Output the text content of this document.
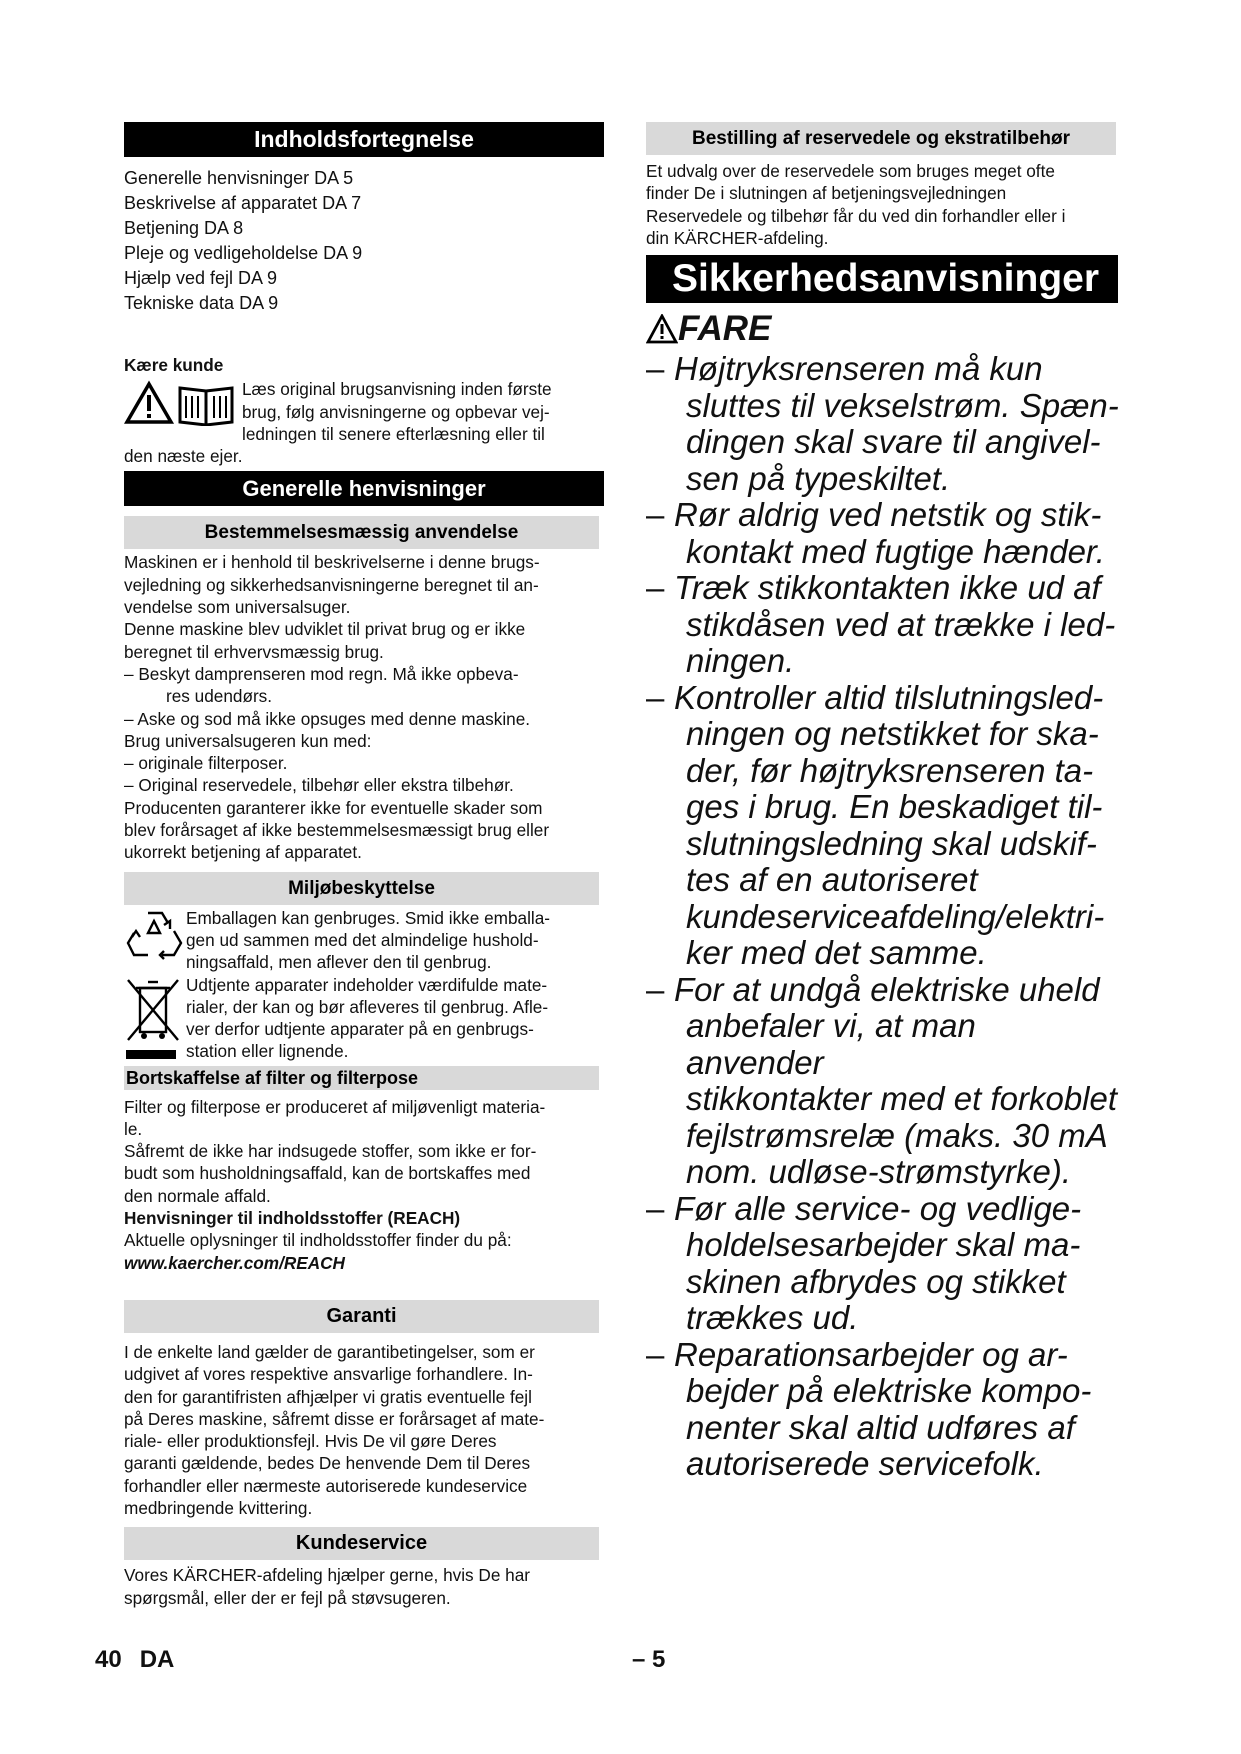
Indholdsfortegnelse
Generelle henvisninger DA 5
Beskrivelse af apparatet DA 7
Betjening DA 8
Pleje og vedligeholdelse DA 9
Hjælp ved fejl DA 9
Tekniske data DA 9
Kære kunde
Læs original brugsanvisning inden første
brug, følg anvisningerne og opbevar vej-
ledningen til senere efterlæsning eller til
den næste ejer.
Generelle henvisninger
Bestemmelsesmæssig anvendelse
Maskinen er i henhold til beskrivelserne i denne brugs-
vejledning og sikkerhedsanvisningerne beregnet til an-
vendelse som universalsuger.
Denne maskine blev udviklet til privat brug og er ikke
beregnet til erhvervsmæssig brug.
– Beskyt damprenseren mod regn. Må ikke opbeva-
res udendørs.
– Aske og sod må ikke opsuges med denne maskine.
Brug universalsugeren kun med:
– originale filterposer.
– Original reservedele, tilbehør eller ekstra tilbehør.
Producenten garanterer ikke for eventuelle skader som
blev forårsaget af ikke bestemmelsesmæssigt brug eller
ukorrekt betjening af apparatet.
Miljøbeskyttelse
Emballagen kan genbruges. Smid ikke emballa-
gen ud sammen med det almindelige hushold-
ningsaffald, men aflever den til genbrug.
Udtjente apparater indeholder værdifulde mate-
rialer, der kan og bør afleveres til genbrug. Afle-
ver derfor udtjente apparater på en genbrugs-
station eller lignende.
Bortskaffelse af filter og filterpose
Filter og filterpose er produceret af miljøvenligt materia-
le.
Såfremt de ikke har indsugede stoffer, som ikke er for-
budt som husholdningsaffald, kan de bortskaffes med
den normale affald.
Henvisninger til indholdsstoffer (REACH)
Aktuelle oplysninger til indholdsstoffer finder du på:
www.kaercher.com/REACH
Garanti
I de enkelte land gælder de garantibetingelser, som er
udgivet af vores respektive ansvarlige forhandlere. In-
den for garantifristen afhjælper vi gratis eventuelle fejl
på Deres maskine, såfremt disse er forårsaget af mate-
riale- eller produktionsfejl. Hvis De vil gøre Deres
garanti gældende, bedes De henvende Dem til Deres
forhandler eller nærmeste autoriserede kundeservice
medbringende kvittering.
Kundeservice
Vores KÄRCHER-afdeling hjælper gerne, hvis De har
spørgsmål, eller der er fejl på støvsugeren.
Bestilling af reservedele og ekstratilbehør
Et udvalg over de reservedele som bruges meget ofte
finder De i slutningen af betjeningsvejledningen
Reservedele og tilbehør får du ved din forhandler eller i
din KÄRCHER-afdeling.
Sikkerhedsanvisninger
FARE
– Højtryksrenseren må kun
sluttes til vekselstrøm. Spæn-
dingen skal svare til angivel-
sen på typeskiltet.
– Rør aldrig ved netstik og stik-
kontakt med fugtige hænder.
– Træk stikkontakten ikke ud af
stikdåsen ved at trække i led-
ningen.
– Kontroller altid tilslutningsled-
ningen og netstikket for ska-
der, før højtryksrenseren ta-
ges i brug. En beskadiget til-
slutningsledning skal udskif-
tes af en autoriseret
kundeserviceafdeling/elektri-
ker med det samme.
– For at undgå elektriske uheld
anbefaler vi, at man anvender
stikkontakter med et forkoblet
fejlstrømsrelæ (maks. 30 mA
nom. udløse-strømstyrke).
– Før alle service- og vedlige-
holdelsesarbejder skal ma-
skinen afbrydes og stikket
trækkes ud.
– Reparationsarbejder og ar-
bejder på elektriske kompo-
nenter skal altid udføres af
autoriserede servicefolk.
40 DA	– 5
